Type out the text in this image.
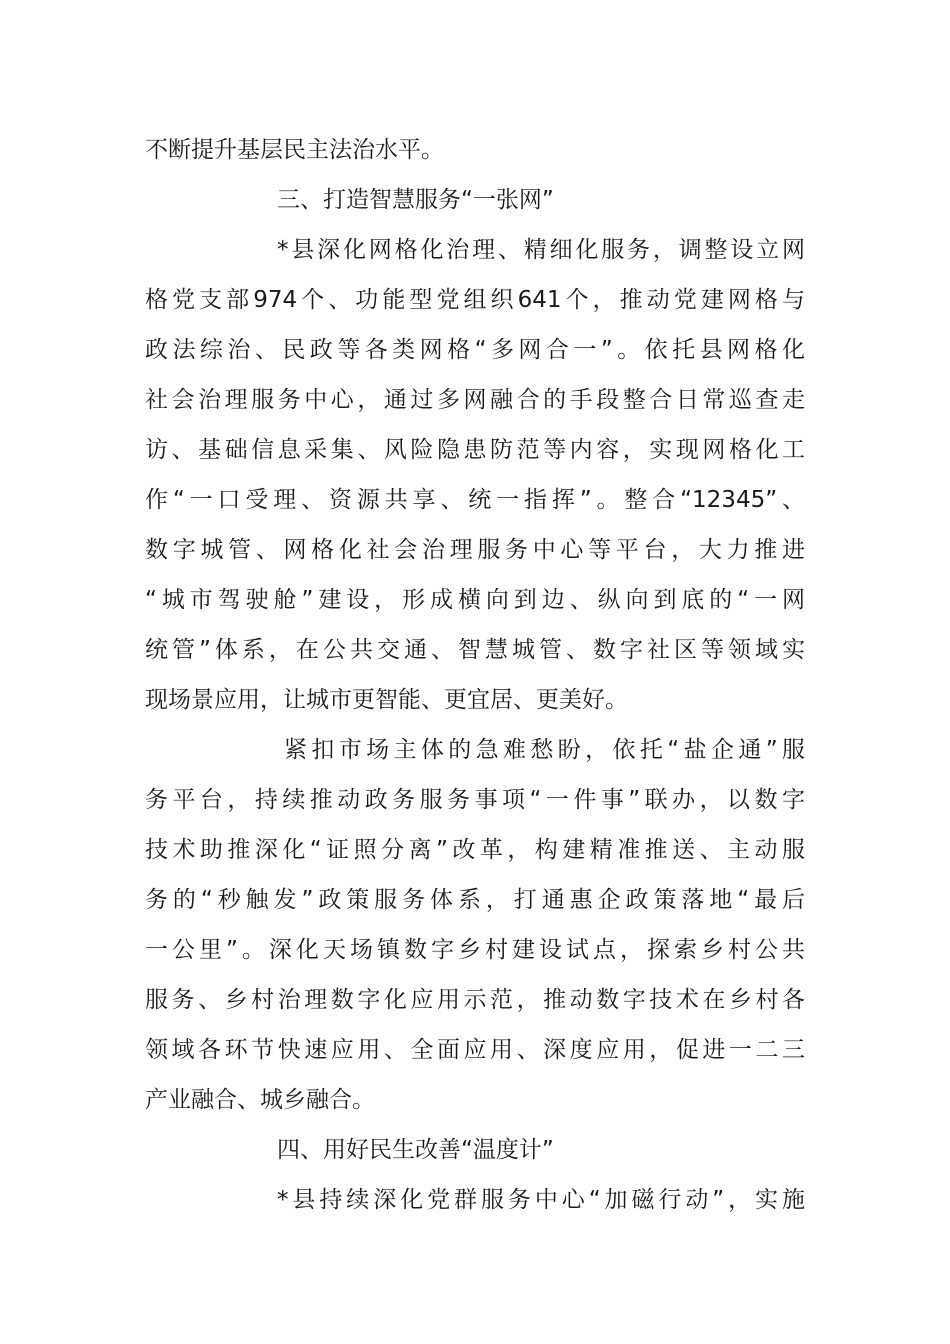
不断提升基层民主法治水平。
三、打造智慧服务“一张网”
*县深化网格化治理、精细化服务，调整设立网
格党支部974个、功能型党组织641个，推动党建网格与
政法综治、民政等各类网格“多网合一”。依托县网格化
社会治理服务中心，通过多网融合的手段整合日常巡查走
访、基础信息采集、风险隐患防范等内容，实现网格化工
作“一口受理、资源共享、统一指挥”。整合“12345”、
数字城管、网格化社会治理服务中心等平台，大力推进
“城市驾驶舱”建设，形成横向到边、纵向到底的“一网
统管”体系，在公共交通、智慧城管、数字社区等领域实
现场景应用，让城市更智能、更宜居、更美好。
紧扣市场主体的急难愁盼，依托“盐企通”服
务平台，持续推动政务服务事项“一件事”联办，以数字
技术助推深化“证照分离”改革，构建精准推送、主动服
务的“秒触发”政策服务体系，打通惠企政策落地“最后
一公里”。深化天场镇数字乡村建设试点，探索乡村公共
服务、乡村治理数字化应用示范，推动数字技术在乡村各
领域各环节快速应用、全面应用、深度应用，促进一二三
产业融合、城乡融合。
四、用好民生改善“温度计”
*县持续深化党群服务中心“加磁行动”，实施
